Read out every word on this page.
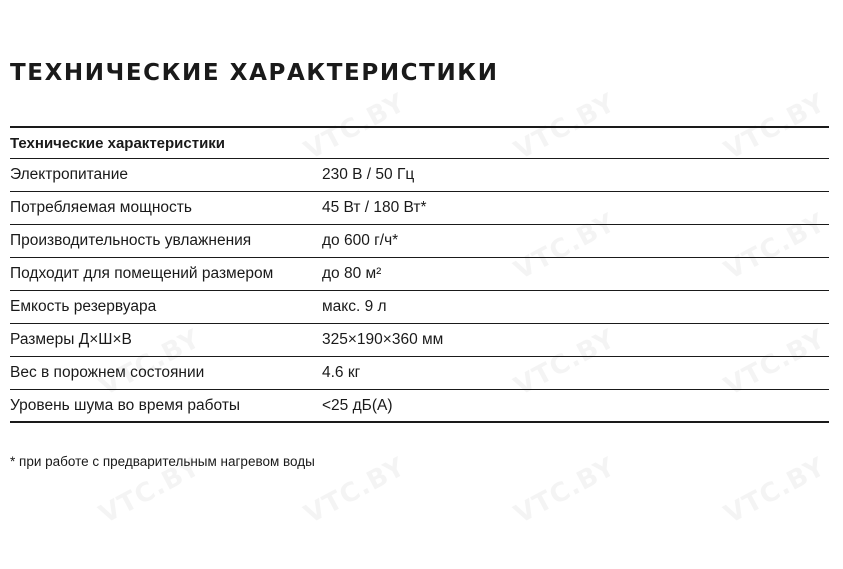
ТЕХНИЧЕСКИЕ ХАРАКТЕРИСТИКИ
Технические характеристики
Электропитание	230 В / 50 Гц
Потребляемая мощность	45 Вт / 180 Вт*
Производительность увлажнения	до 600 г/ч*
Подходит для помещений размером	до 80 м²
Емкость резервуара	макс. 9 л
Размеры Д×Ш×В	325×190×360 мм
Вес в порожнем состоянии	4.6 кг
Уровень шума во время работы	<25 дБ(А)
* при работе с предварительным нагревом воды
